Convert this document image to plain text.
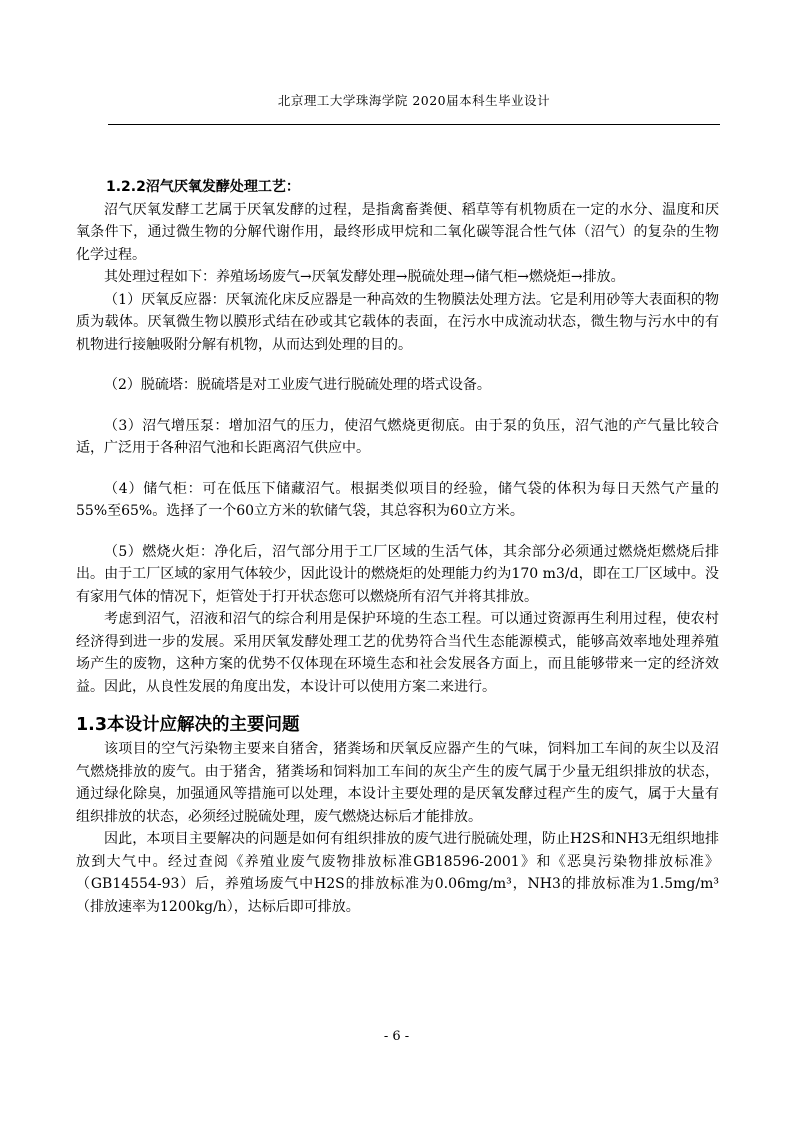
北京理工大学珠海学院 2020届本科生毕业设计

1.2.2沼气厌氧发酵处理工艺：

沼气厌氧发酵工艺属于厌氧发酵的过程，是指禽畜粪便、稻草等有机物质在一定的水分、温度和厌氧条件下，通过微生物的分解代谢作用，最终形成甲烷和二氧化碳等混合性气体（沼气）的复杂的生物化学过程。

其处理过程如下：养殖场场废气→厌氧发酵处理→脱硫处理→储气柜→燃烧炬→排放。

（1）厌氧反应器：厌氧流化床反应器是一种高效的生物膜法处理方法。它是利用砂等大表面积的物质为载体。厌氧微生物以膜形式结在砂或其它载体的表面，在污水中成流动状态，微生物与污水中的有机物进行接触吸附分解有机物，从而达到处理的目的。

（2）脱硫塔：脱硫塔是对工业废气进行脱硫处理的塔式设备。

（3）沼气增压泵：增加沼气的压力，使沼气燃烧更彻底。由于泵的负压，沼气池的产气量比较合 适，广泛用于各种沼气池和长距离沼气供应中。

（4）储气柜：可在低压下储藏沼气。根据类似项目的经验，储气袋的体积为每日天然气产量的 55%至65%。选择了一个60立方米的软储气袋，其总容积为60立方米。

（5）燃烧火炬：净化后，沼气部分用于工厂区域的生活气体，其余部分必须通过燃烧炬燃烧后排 出。由于工厂区域的家用气体较少，因此设计的燃烧炬的处理能力约为170 m3/d，即在工厂区域中。没有家用气体的情况下，炬管处于打开状态您可以燃烧所有沼气并将其排放。

考虑到沼气，沼液和沼气的综合利用是保护环境的生态工程。可以通过资源再生利用过程，使农村经济得到进一步的发展。采用厌氧发酵处理工艺的优势符合当代生态能源模式，能够高效率地处理养殖场产生的废物，这种方案的优势不仅体现在环境生态和社会发展各方面上，而且能够带来一定的经济效益。因此，从良性发展的角度出发，本设计可以使用方案二来进行。

1.3本设计应解决的主要问题

该项目的空气污染物主要来自猪舍，猪粪场和厌氧反应器产生的气味，饲料加工车间的灰尘以及沼气燃烧排放的废气。由于猪舍，猪粪场和饲料加工车间的灰尘产生的废气属于少量无组织排放的状态，通过绿化除臭，加强通风等措施可以处理，本设计主要处理的是厌氧发酵过程产生的废气，属于大量有组织排放的状态，必须经过脱硫处理，废气燃烧达标后才能排放。

因此，本项目主要解决的问题是如何有组织排放的废气进行脱硫处理，防止H2S和NH3无组织地排放到大气中。经过查阅《养殖业废气废物排放标准GB18596-2001》和《恶臭污染物排放标准》（GB14554-93）后，养殖场废气中H2S的排放标准为0.06mg/m³，NH3的排放标准为1.5mg/m³（排放速率为1200kg/h），达标后即可排放。

- 6 -
